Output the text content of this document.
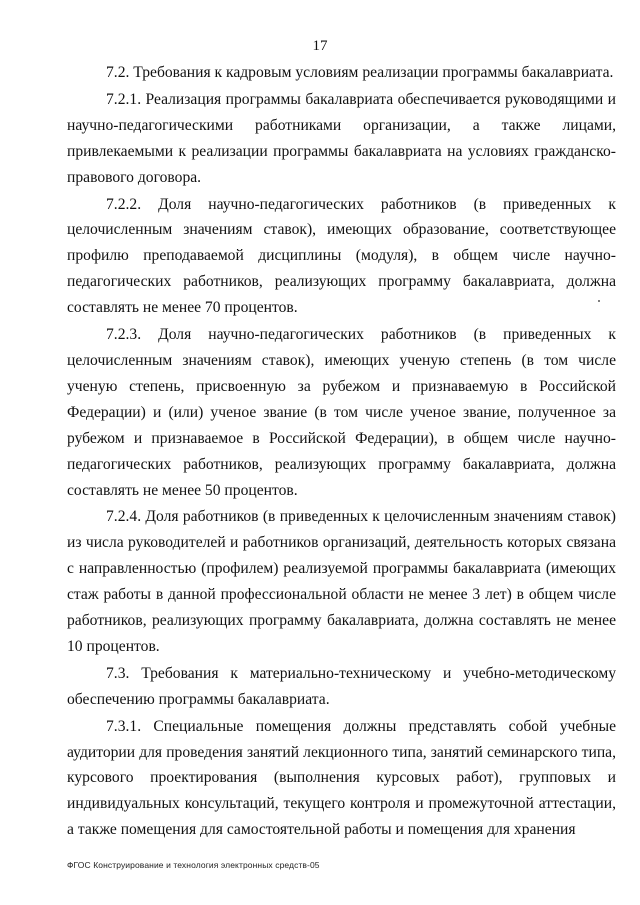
17

7.2. Требования к кадровым условиям реализации программы бакалавриата.

7.2.1. Реализация программы бакалавриата обеспечивается руководящими и научно-педагогическими работниками организации, а также лицами, привлекаемыми к реализации программы бакалавриата на условиях гражданско-правового договора.

7.2.2. Доля научно-педагогических работников (в приведенных к целочисленным значениям ставок), имеющих образование, соответствующее профилю преподаваемой дисциплины (модуля), в общем числе научно-педагогических работников, реализующих программу бакалавриата, должна составлять не менее 70 процентов.

7.2.3. Доля научно-педагогических работников (в приведенных к целочисленным значениям ставок), имеющих ученую степень (в том числе ученую степень, присвоенную за рубежом и признаваемую в Российской Федерации) и (или) ученое звание (в том числе ученое звание, полученное за рубежом и признаваемое в Российской Федерации), в общем числе научно-педагогических работников, реализующих программу бакалавриата, должна составлять не менее 50 процентов.

7.2.4. Доля работников (в приведенных к целочисленным значениям ставок) из числа руководителей и работников организаций, деятельность которых связана с направленностью (профилем) реализуемой программы бакалавриата (имеющих стаж работы в данной профессиональной области не менее 3 лет) в общем числе работников, реализующих программу бакалавриата, должна составлять не менее 10 процентов.

7.3. Требования к материально-техническому и учебно-методическому обеспечению программы бакалавриата.

7.3.1. Специальные помещения должны представлять собой учебные аудитории для проведения занятий лекционного типа, занятий семинарского типа, курсового проектирования (выполнения курсовых работ), групповых и индивидуальных консультаций, текущего контроля и промежуточной аттестации, а также помещения для самостоятельной работы и помещения для хранения

ФГОС Конструирование и технология электронных средств-05
